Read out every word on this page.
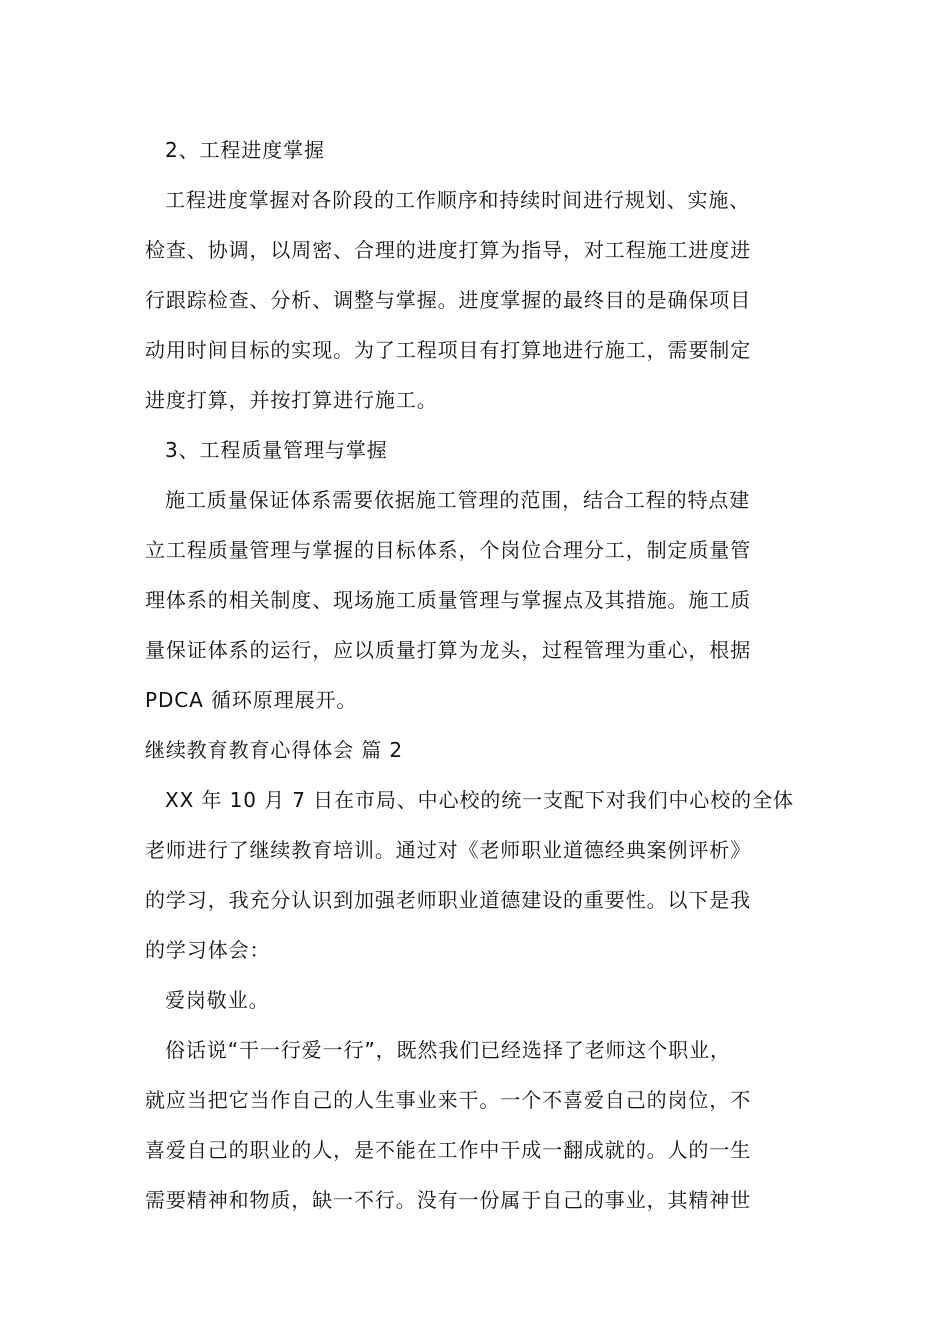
2、工程进度掌握
工程进度掌握对各阶段的工作顺序和持续时间进行规划、实施、
检查、协调，以周密、合理的进度打算为指导，对工程施工进度进
行跟踪检查、分析、调整与掌握。进度掌握的最终目的是确保项目
动用时间目标的实现。为了工程项目有打算地进行施工，需要制定
进度打算，并按打算进行施工。
3、工程质量管理与掌握
施工质量保证体系需要依据施工管理的范围，结合工程的特点建
立工程质量管理与掌握的目标体系，个岗位合理分工，制定质量管
理体系的相关制度、现场施工质量管理与掌握点及其措施。施工质
量保证体系的运行，应以质量打算为龙头，过程管理为重心，根据
PDCA 循环原理展开。
继续教育教育心得体会 篇 2
XX 年 10 月 7 日在市局、中心校的统一支配下对我们中心校的全体
老师进行了继续教育培训。通过对《老师职业道德经典案例评析》
的学习，我充分认识到加强老师职业道德建设的重要性。以下是我
的学习体会：
爱岗敬业。
俗话说“干一行爱一行”，既然我们已经选择了老师这个职业，
就应当把它当作自己的人生事业来干。一个不喜爱自己的岗位，不
喜爱自己的职业的人，是不能在工作中干成一翻成就的。人的一生
需要精神和物质，缺一不行。没有一份属于自己的事业，其精神世
